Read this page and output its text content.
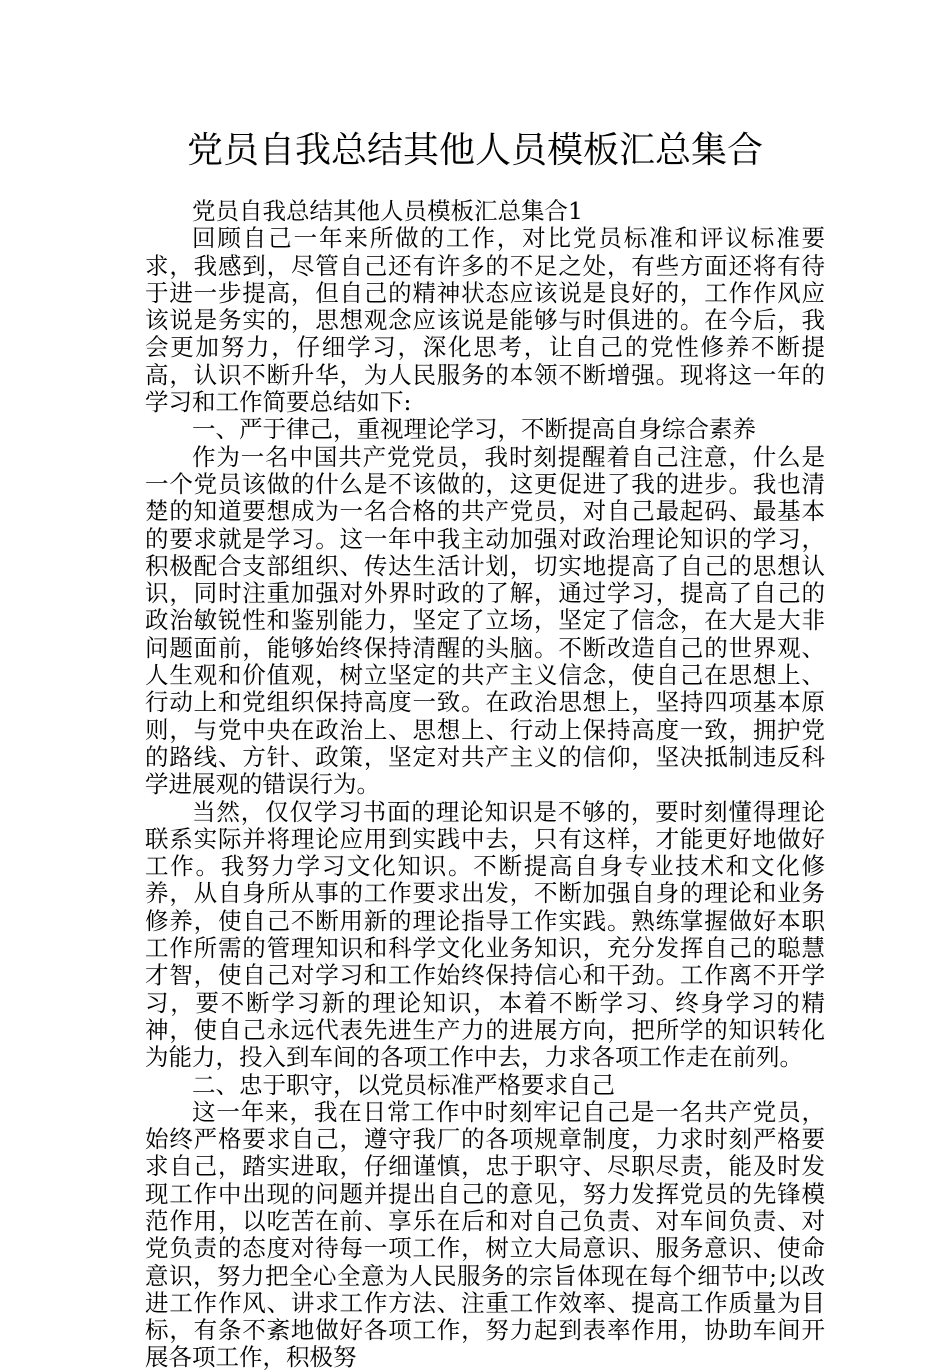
党员自我总结其他人员模板汇总集合

党员自我总结其他人员模板汇总集合1

回顾自己一年来所做的工作，对比党员标准和评议标准要求，我感到，尽管自己还有许多的不足之处，有些方面还将有待于进一步提高，但自己的精神状态应该说是良好的，工作作风应该说是务实的，思想观念应该说是能够与时俱进的。在今后，我会更加努力，仔细学习，深化思考，让自己的党性修养不断提高，认识不断升华，为人民服务的本领不断增强。现将这一年的学习和工作简要总结如下:

一、严于律己，重视理论学习，不断提高自身综合素养

作为一名中国共产党党员，我时刻提醒着自己注意，什么是一个党员该做的什么是不该做的，这更促进了我的进步。我也清楚的知道要想成为一名合格的共产党员，对自己最起码、最基本的要求就是学习。这一年中我主动加强对政治理论知识的学习，积极配合支部组织、传达生活计划，切实地提高了自己的思想认识，同时注重加强对外界时政的了解，通过学习，提高了自己的政治敏锐性和鉴别能力，坚定了立场，坚定了信念，在大是大非问题面前，能够始终保持清醒的头脑。不断改造自己的世界观、人生观和价值观，树立坚定的共产主义信念，使自己在思想上、行动上和党组织保持高度一致。在政治思想上，坚持四项基本原则，与党中央在政治上、思想上、行动上保持高度一致，拥护党的路线、方针、政策，坚定对共产主义的信仰，坚决抵制违反科学进展观的错误行为。

当然，仅仅学习书面的理论知识是不够的，要时刻懂得理论联系实际并将理论应用到实践中去，只有这样，才能更好地做好工作。我努力学习文化知识。不断提高自身专业技术和文化修养，从自身所从事的工作要求出发，不断加强自身的理论和业务修养，使自己不断用新的理论指导工作实践。熟练掌握做好本职工作所需的管理知识和科学文化业务知识，充分发挥自己的聪慧才智，使自己对学习和工作始终保持信心和干劲。工作离不开学习，要不断学习新的理论知识，本着不断学习、终身学习的精神，使自己永远代表先进生产力的进展方向，把所学的知识转化为能力，投入到车间的各项工作中去，力求各项工作走在前列。

二、忠于职守，以党员标准严格要求自己

这一年来，我在日常工作中时刻牢记自己是一名共产党员，始终严格要求自己，遵守我厂的各项规章制度，力求时刻严格要求自己，踏实进取，仔细谨慎，忠于职守、尽职尽责，能及时发现工作中出现的问题并提出自己的意见，努力发挥党员的先锋模范作用，以吃苦在前、享乐在后和对自己负责、对车间负责、对党负责的态度对待每一项工作，树立大局意识、服务意识、使命意识，努力把全心全意为人民服务的宗旨体现在每个细节中;以改进工作作风、讲求工作方法、注重工作效率、提高工作质量为目标，有条不紊地做好各项工作，努力起到表率作用，协助车间开展各项工作，积极努
